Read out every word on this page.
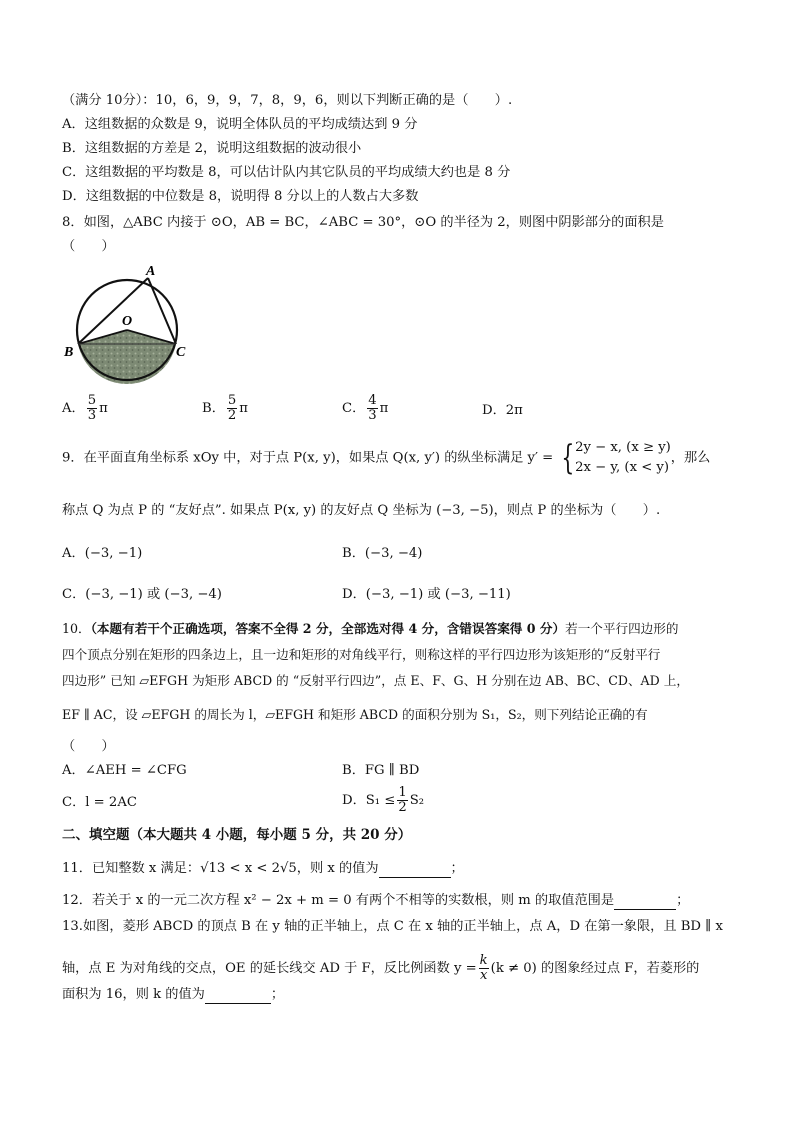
（满分 10分）：10，6，9，9，7，8，9，6，则以下判断正确的是（　　）.
A．这组数据的众数是 9，说明全体队员的平均成绩达到 9 分
B．这组数据的方差是 2，说明这组数据的波动很小
C．这组数据的平均数是 8，可以估计队内其它队员的平均成绩大约也是 8 分
D．这组数据的中位数是 8，说明得 8 分以上的人数占大多数
8．如图，△ABC 内接于 ⊙O，AB = BC，∠ABC = 30°，⊙O 的半径为 2，则图中阴影部分的面积是
（　　）
A
O
B	C
A． $\frac{5}{3}$ π	B． $\frac{5}{2}$ π	C． $\frac{4}{3}$ π	D．2π
9．在平面直角坐标系 xOy 中，对于点 P(x, y)，如果点 Q(x, y′) 的纵坐标满足 y′ = { 2y − x, (x ≥ y)
2x − y, (x < y)
，那么
称点 Q 为点 P 的 “友好点”. 如果点 P(x, y) 的友好点 Q 坐标为 (−3, −5)，则点 P 的坐标为（　　）.
A．(−3, −1)	B．(−3, −4)
C．(−3, −1) 或 (−3, −4)	D．(−3, −1) 或 (−3, −11)
10．（本题有若干个正确选项，答案不全得 2 分，全部选对得 4 分，含错误答案得 0 分）若一个平行四边形的
四个顶点分别在矩形的四条边上，且一边和矩形的对角线平行，则称这样的平行四边形为该矩形的“反射平行
四边形” 已知 ▱EFGH 为矩形 ABCD 的 “反射平行四边”，点 E、F、G、H 分别在边 AB、BC、CD、AD 上，
EF ∥ AC，设 ▱EFGH 的周长为 l，▱EFGH 和矩形 ABCD 的面积分别为 S₁，S₂，则下列结论正确的有
（　　）
A．∠AEH = ∠CFG	B．FG ∥ BD
C．l = 2AC	D．$S_1 \le \frac{1}{2} S_2$
二、填空题（本大题共 4 小题，每小题 5 分，共 20 分）
11．已知整数 x 满足：√13 < x < 2√5，则 x 的值为	；
12．若关于 x 的一元二次方程 x² − 2x + m = 0 有两个不相等的实数根，则 m 的取值范围是	；
13.如图，菱形 ABCD 的顶点 B 在 y 轴的正半轴上，点 C 在 x 轴的正半轴上，点 A，D 在第一象限，且 BD ∥ x
轴，点 E 为对角线的交点，OE 的延长线交 AD 于 F，反比例函数 $y = \frac{k}{x} (k \ne 0)$ 的图象经过点 F，若菱形的
面积为 16，则 k 的值为	；
